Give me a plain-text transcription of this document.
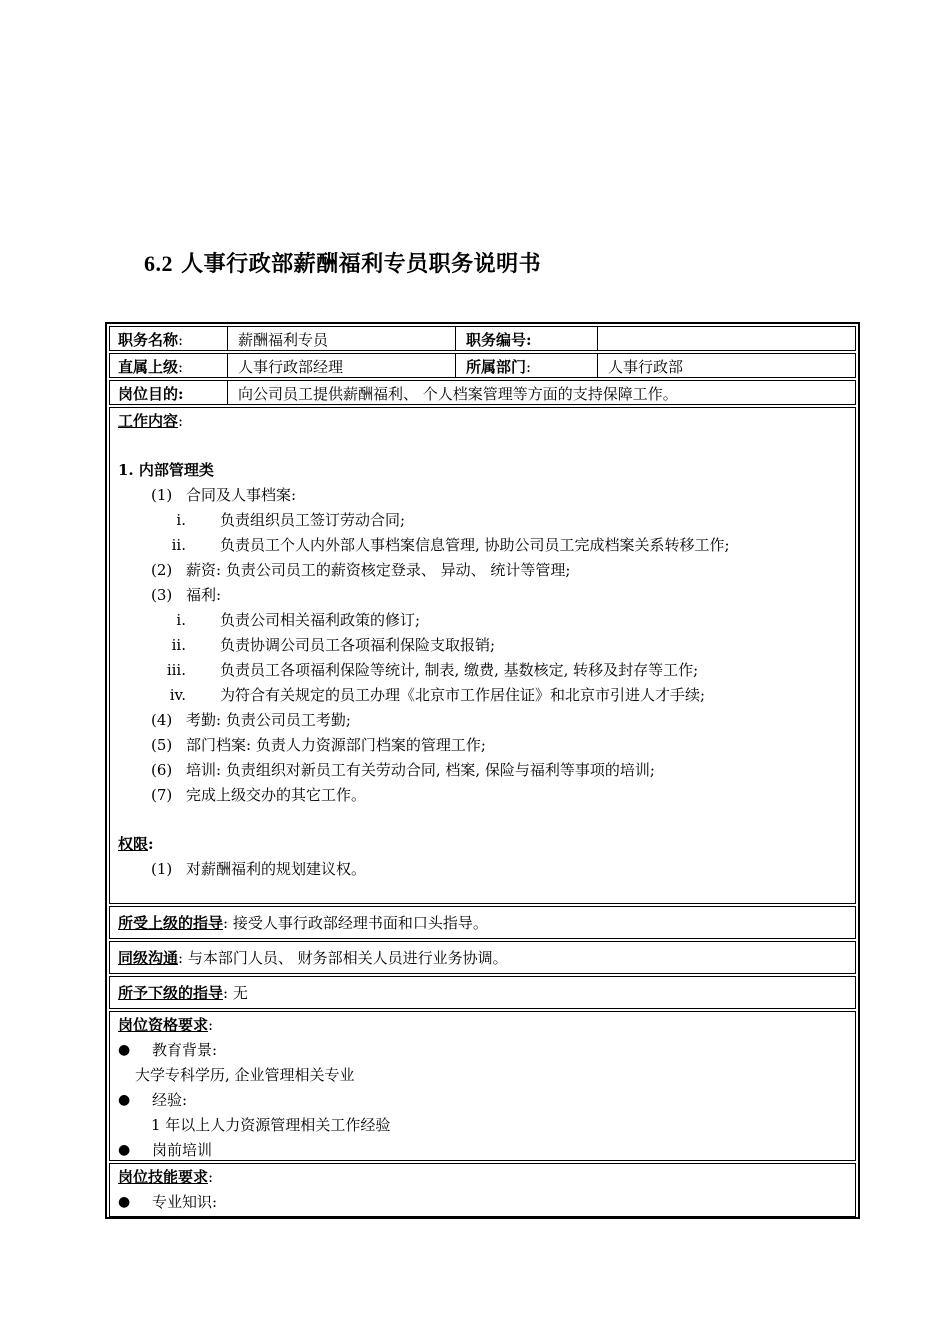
6.2 人事行政部薪酬福利专员职务说明书
职务名称:	薪酬福利专员	职务编号:
直属上级:	人事行政部经理	所属部门:	人事行政部
岗位目的:	向公司员工提供薪酬福利、 个人档案管理等方面的支持保障工作。
工作内容:
1. 内部管理类
(1) 合同及人事档案:
i. 负责组织员工签订劳动合同;
ii. 负责员工个人内外部人事档案信息管理, 协助公司员工完成档案关系转移工作;
(2) 薪资: 负责公司员工的薪资核定登录、 异动、 统计等管理;
(3) 福利:
i. 负责公司相关福利政策的修订;
ii. 负责协调公司员工各项福利保险支取报销;
iii. 负责员工各项福利保险等统计, 制表, 缴费, 基数核定, 转移及封存等工作;
iv. 为符合有关规定的员工办理《北京市工作居住证》和北京市引进人才手续;
(4) 考勤: 负责公司员工考勤;
(5) 部门档案: 负责人力资源部门档案的管理工作;
(6) 培训: 负责组织对新员工有关劳动合同, 档案, 保险与福利等事项的培训;
(7) 完成上级交办的其它工作。
权限:
(1) 对薪酬福利的规划建议权。
所受上级的指导: 接受人事行政部经理书面和口头指导。
同级沟通: 与本部门人员、 财务部相关人员进行业务协调。
所予下级的指导: 无
岗位资格要求:
● 教育背景:
大学专科学历, 企业管理相关专业
● 经验:
1 年以上人力资源管理相关工作经验
● 岗前培训
岗位技能要求:
● 专业知识:
